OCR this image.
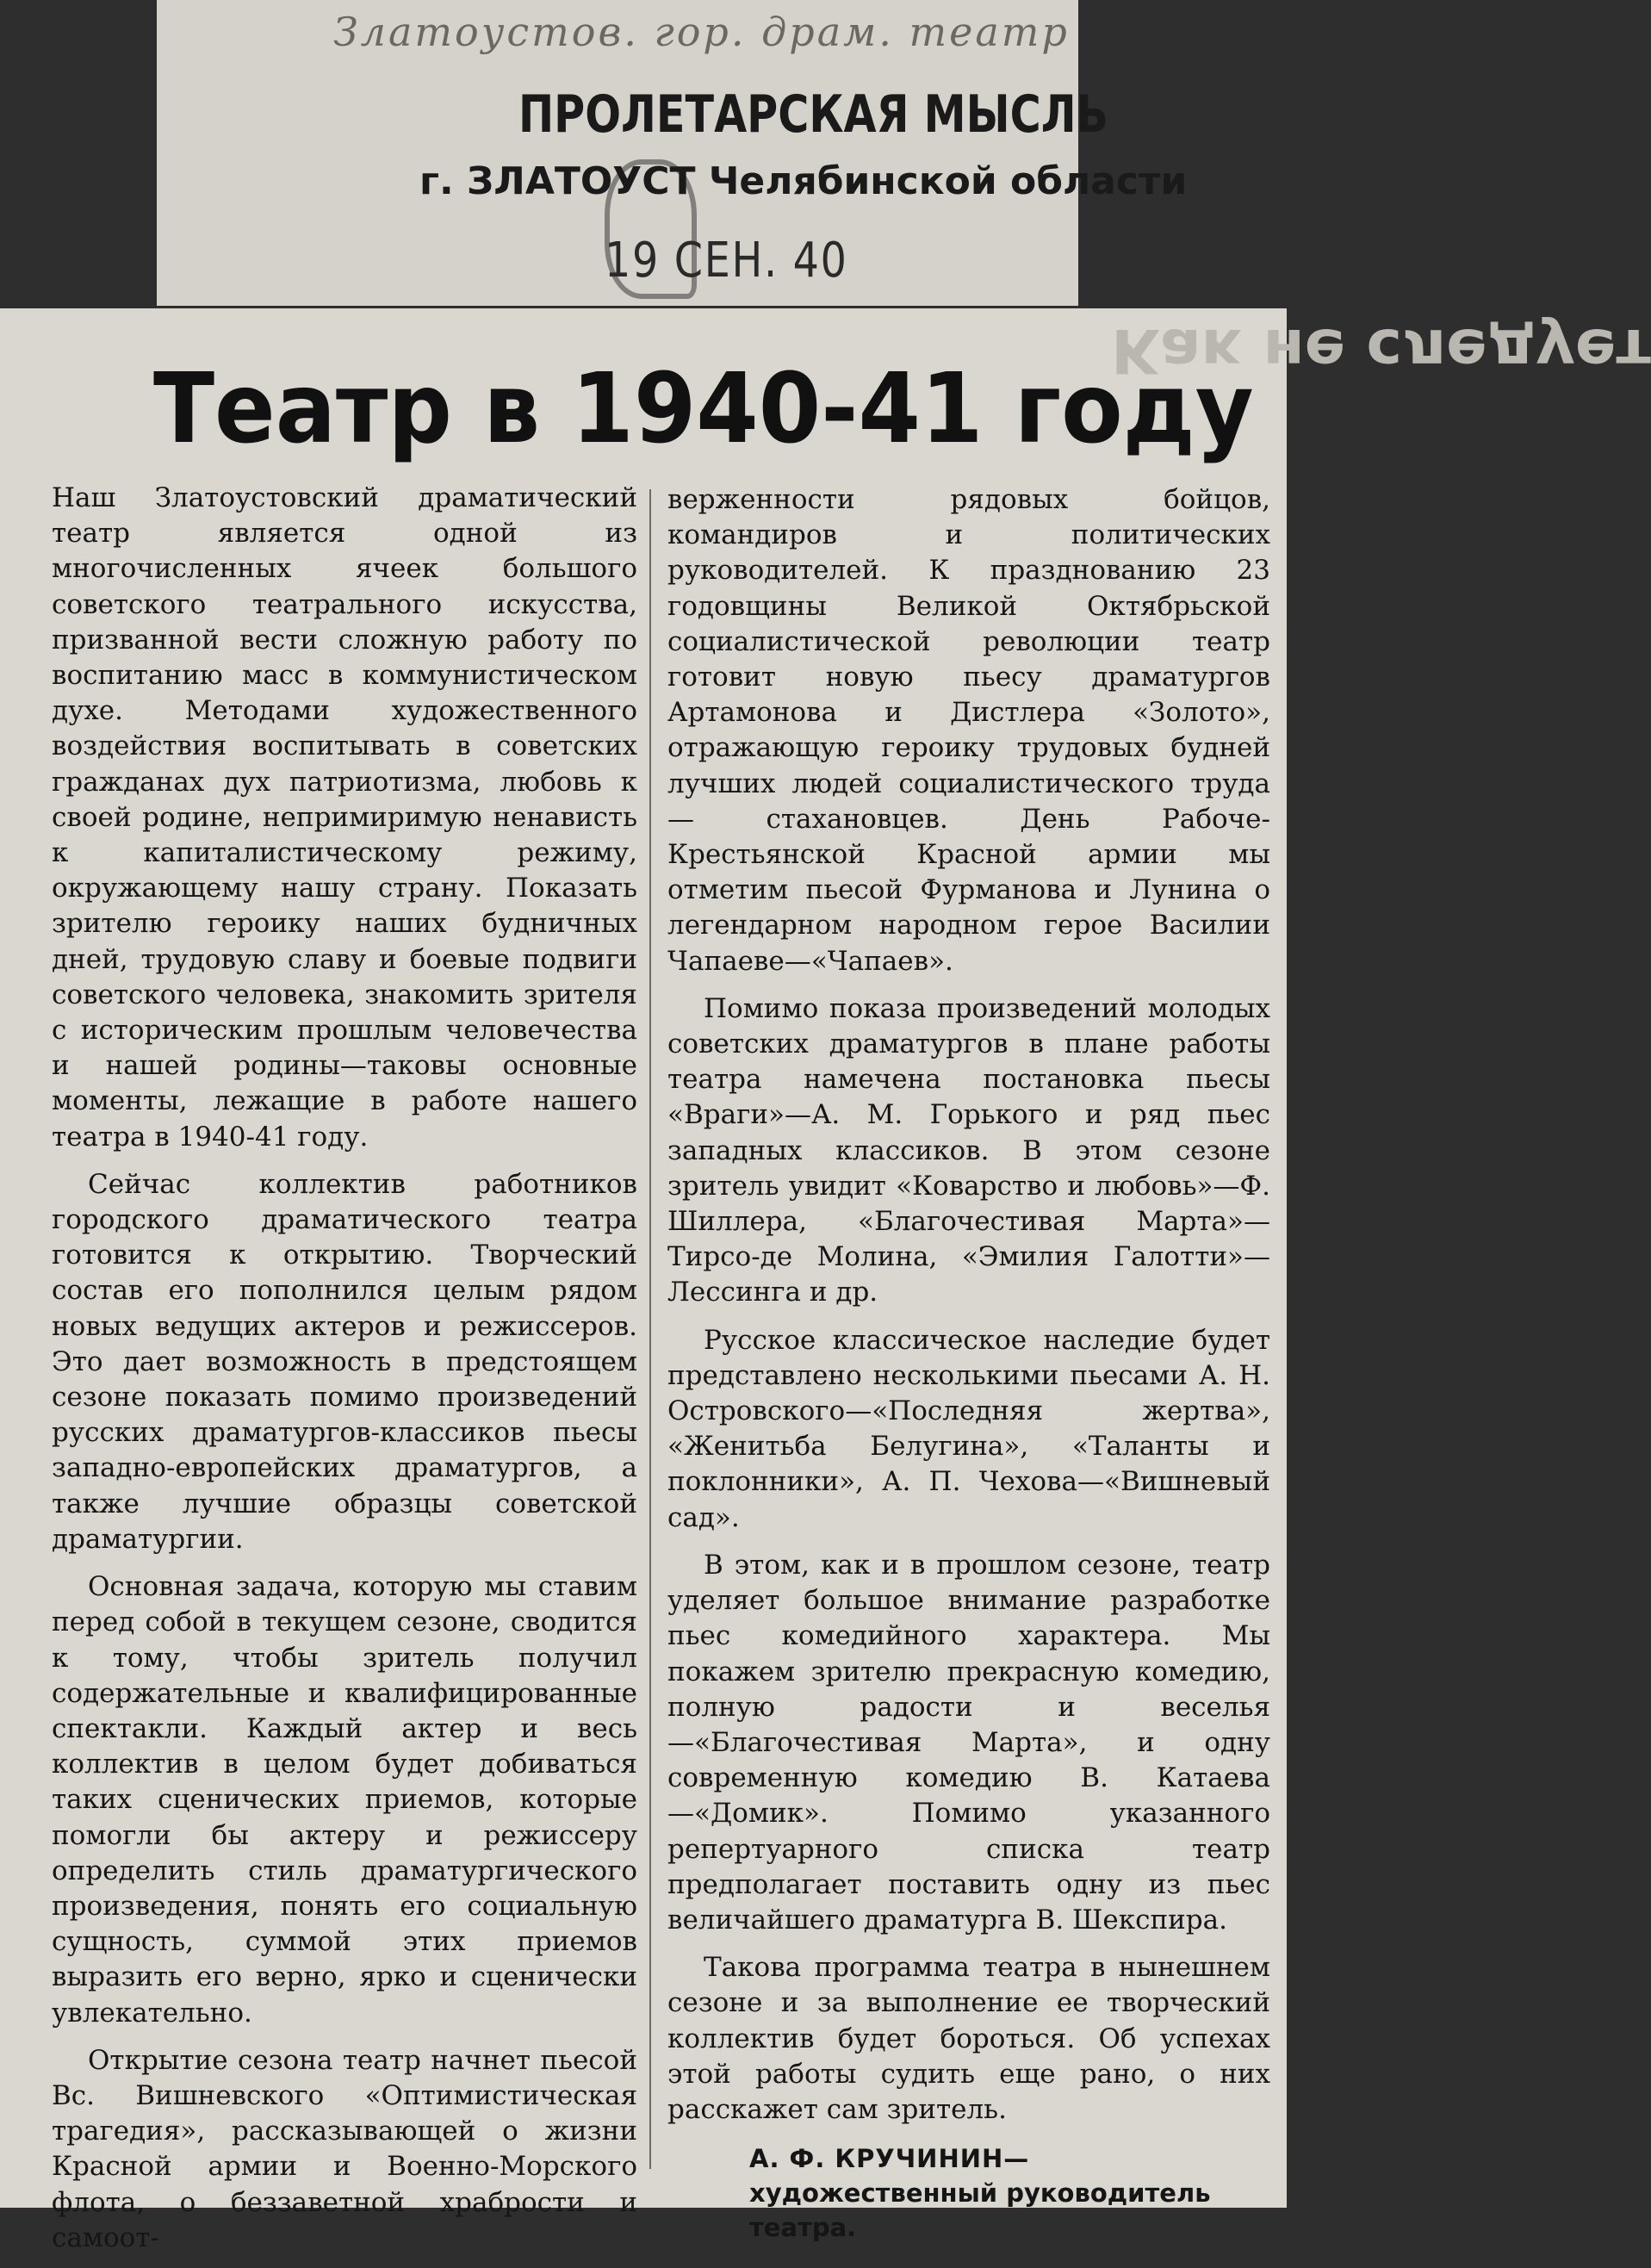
Златоустов. гор. драм. театр
ПРОЛЕТАРСКАЯ МЫСЛЬ
г. ЗЛАТОУСТ Челябинской области
19 СЕН. 40
Как не следует
Театр в 1940-41 году

Наш Златоустовский драматический театр является одной из многочисленных ячеек большого советского театрального искусства, призванной вести сложную работу по воспитанию масс в коммунистическом духе. Методами художественного воздействия воспитывать в советских гражданах дух патриотизма, любовь к своей родине, непримиримую ненависть к капиталистическому режиму, окружающему нашу страну. Показать зрителю героику наших будничных дней, трудовую славу и боевые подвиги советского человека, знакомить зрителя с историческим прошлым человечества и нашей родины—таковы основные моменты, лежащие в работе нашего театра в 1940-41 году.

Сейчас коллектив работников городского драматического театра готовится к открытию. Творческий состав его пополнился целым рядом новых ведущих актеров и режиссеров. Это дает возможность в предстоящем сезоне показать помимо произведений русских драматургов-классиков пьесы западно-европейских драматургов, а также лучшие образцы советской драматургии.

Основная задача, которую мы ставим перед собой в текущем сезоне, сводится к тому, чтобы зритель получил содержательные и квалифицированные спектакли. Каждый актер и весь коллектив в целом будет добиваться таких сценических приемов, которые помогли бы актеру и режиссеру определить стиль драматургического произведения, понять его социальную сущность, суммой этих приемов выразить его верно, ярко и сценически увлекательно.

Открытие сезона театр начнет пьесой Вс. Вишневского «Оптимистическая трагедия», рассказывающей о жизни Красной армии и Военно-Морского флота, о беззаветной храбрости и самоот-

верженности рядовых бойцов, командиров и политических руководителей. К празднованию 23 годовщины Великой Октябрьской социалистической революции театр готовит новую пьесу драматургов Артамонова и Дистлера «Золото», отражающую героику трудовых будней лучших людей социалистического труда — стахановцев. День Рабоче-Крестьянской Красной армии мы отметим пьесой Фурманова и Лунина о легендарном народном герое Василии Чапаеве—«Чапаев».

Помимо показа произведений молодых советских драматургов в плане работы театра намечена постановка пьесы «Враги»—А. М. Горького и ряд пьес западных классиков. В этом сезоне зритель увидит «Коварство и любовь»—Ф. Шиллера, «Благочестивая Марта»—Тирсо-де Молина, «Эмилия Галотти»—Лессинга и др.

Русское классическое наследие будет представлено несколькими пьесами А. Н. Островского—«Последняя жертва», «Женитьба Белугина», «Таланты и поклонники», А. П. Чехова—«Вишневый сад».

В этом, как и в прошлом сезоне, театр уделяет большое внимание разработке пьес комедийного характера. Мы покажем зрителю прекрасную комедию, полную радости и веселья—«Благочестивая Марта», и одну современную комедию В. Катаева—«Домик». Помимо указанного репертуарного списка театр предполагает поставить одну из пьес величайшего драматурга В. Шекспира.

Такова программа театра в нынешнем сезоне и за выполнение ее творческий коллектив будет бороться. Об успехах этой работы судить еще рано, о них расскажет сам зритель.

А. Ф. КРУЧИНИН—художественный руководитель театра.
